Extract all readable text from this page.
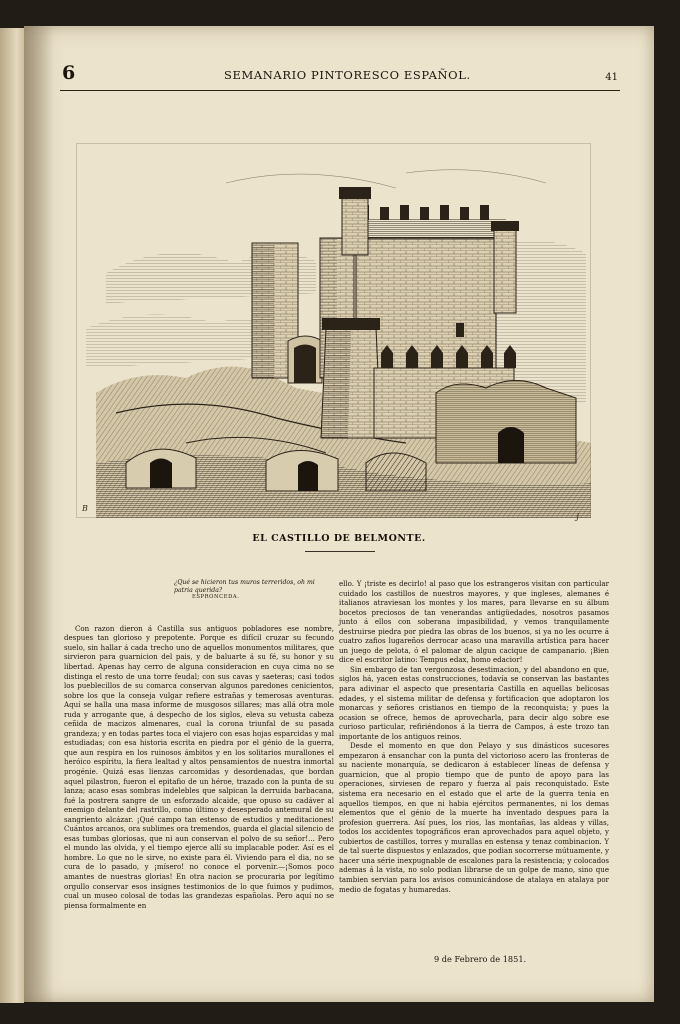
6	SEMANARIO PINTORESCO ESPAÑOL.	41
B
J
EL CASTILLO DE BELMONTE.
¿Qué se hicieron tus muros terreridos, oh mi patria querida?
ESPRONCEDA.

Con razon dieron á Castilla sus antiguos pobladores ese nombre, despues tan glorioso y prepotente. Porque es difícil cruzar su fecundo suelo, sin hallar á cada trecho uno de aquellos monumentos militares, que sirvieron para guarnicion del pais, y de baluarte á su fé, su honor y su libertad. Apenas hay cerro de alguna consideracion en cuya cima no se distinga el resto de una torre feudal; con sus cavas y saeteras; casi todos los pueblecillos de su comarca conservan algunos paredones cenicientos, sobre los que la conseja vulgar refiere estrañas y temerosas aventuras. Aquí se halla una masa informe de musgosos sillares; mas allá otra mole ruda y arrogante que, á despecho de los siglos, eleva su vetusta cabeza ceñida de macizos almenares, cual la corona triunfal de su pasada grandeza; y en todas partes toca el viajero con esas hojas esparcidas y mal estudiadas; con esa historia escrita en piedra por el génio de la guerra, que aun respira en los ruinosos ámbitos y en los solitarios murallones el heróico espíritu, la fiera lealtad y altos pensamientos de nuestra inmortal progénie. Quizá esas lienzas carcomidas y desordenadas, que bordan aquel pilastron, fueron el epitafio de un héroe, trazado con la punta de su lanza; acaso esas sombras indelebles que salpican la derruida barbacana, fué la postrera sangre de un esforzado alcaide, que opuso su cadáver al enemigo delante del rastrillo, como último y desesperado antemural de su sangriento alcázar. ¡Qué campo tan estenso de estudios y meditaciones! Cuántos arcanos, ora sublimes ora tremendos, guarda el glacial silencio de esas tumbas gloriosas, que ni aun conservan el polvo de su señor!... Pero el mundo las olvida, y el tiempo ejerce allí su implacable poder. Así es el hombre. Lo que no le sirve, no existe para él. Viviendo para el dia, no se cura de lo pasado, y ¡mísero! no conoce el porvenir.—¡Somos poco amantes de nuestras glorias! En otra nacion se procuraria por legítimo orgullo conservar esos insignes testimonios de lo que fuimos y pudimos, cual un museo colosal de todas las grandezas españolas. Pero aquí no se piensa formalmente en

ello. Y ¡triste es decirlo! al paso que los estrangeros visitan con particular cuidado los castillos de nuestros mayores, y que ingleses, alemanes é italianos atraviesan los montes y los mares, para llevarse en su álbum bocetos preciosos de tan venerandas antigüedades, nosotros pasamos junto á ellos con soberana impasibilidad, y vemos tranquilamente destruirse piedra por piedra las obras de los buenos, si ya no les ocurre á cuatro zafios lugareños derrocar acaso una maravilla artística para hacer un juego de pelota, ó el palomar de algun cacique de campanario. ¡Bien dice el escritor latino: Tempus edax, homo edacior!

Sin embargo de tan vergonzosa desestimacion, y del abandono en que, siglos há, yacen estas construcciones, todavía se conservan las bastantes para adivinar el aspecto que presentaria Castilla en aquellas belicosas edades, y el sistema militar de defensa y fortificacion que adoptaron los monarcas y señores cristianos en tiempo de la reconquista; y pues la ocasion se ofrece, hemos de aprovecharla, para decir algo sobre ese curioso particular, refiriéndonos á la tierra de Campos, á este trozo tan importante de los antiguos reinos.

Desde el momento en que don Pelayo y sus dinásticos sucesores empezaron á ensanchar con la punta del victorioso acero las fronteras de su naciente monarquía, se dedicaron á establecer líneas de defensa y guarnicion, que al propio tiempo que de punto de apoyo para las operaciones, sirviesen de reparo y fuerza al pais reconquistado. Este sistema era necesario en el estado que el arte de la guerra tenia en aquellos tiempos, en que ni habia ejércitos permanentes, ni los demas elementos que el génio de la muerte ha inventado despues para la profesion guerrera. Así pues, los rios, las montañas, las aldeas y villas, todos los accidentes topográficos eran aprovechados para aquel objeto, y cubiertos de castillos, torres y murallas en estensa y tenaz combinacion. Y de tal suerte dispuestos y enlazados, que podian socorrerse mútuamente, y hacer una série inexpugnable de escalones para la resistencia; y colocados ademas á la vista, no solo podian librarse de un golpe de mano, sino que tambien servian para los avisos comunicándose de atalaya en atalaya por medio de fogatas y humaredas.

9 de Febrero de 1851.
